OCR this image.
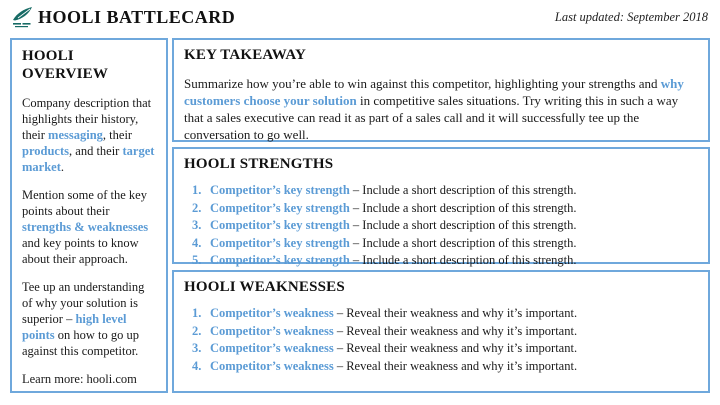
HOOLI BATTLECARD	Last updated: September 2018
HOOLI OVERVIEW

Company description that highlights their history, their messaging, their products, and their target market.

Mention some of the key points about their strengths & weaknesses and key points to know about their approach.

Tee up an understanding of why your solution is superior – high level points on how to go up against this competitor.

Learn more: hooli.com

KEY TAKEAWAY
Summarize how you’re able to win against this competitor, highlighting your strengths and why customers choose your solution in competitive sales situations. Try writing this in such a way that a sales executive can read it as part of a sales call and it will successfully tee up the conversation to go well.
HOOLI STRENGTHS
1. Competitor’s key strength – Include a short description of this strength.
2. Competitor’s key strength – Include a short description of this strength.
3. Competitor’s key strength – Include a short description of this strength.
4. Competitor’s key strength – Include a short description of this strength.
5. Competitor’s key strength – Include a short description of this strength.
HOOLI WEAKNESSES
1. Competitor’s weakness – Reveal their weakness and why it’s important.
2. Competitor’s weakness – Reveal their weakness and why it’s important.
3. Competitor’s weakness – Reveal their weakness and why it’s important.
4. Competitor’s weakness – Reveal their weakness and why it’s important.
